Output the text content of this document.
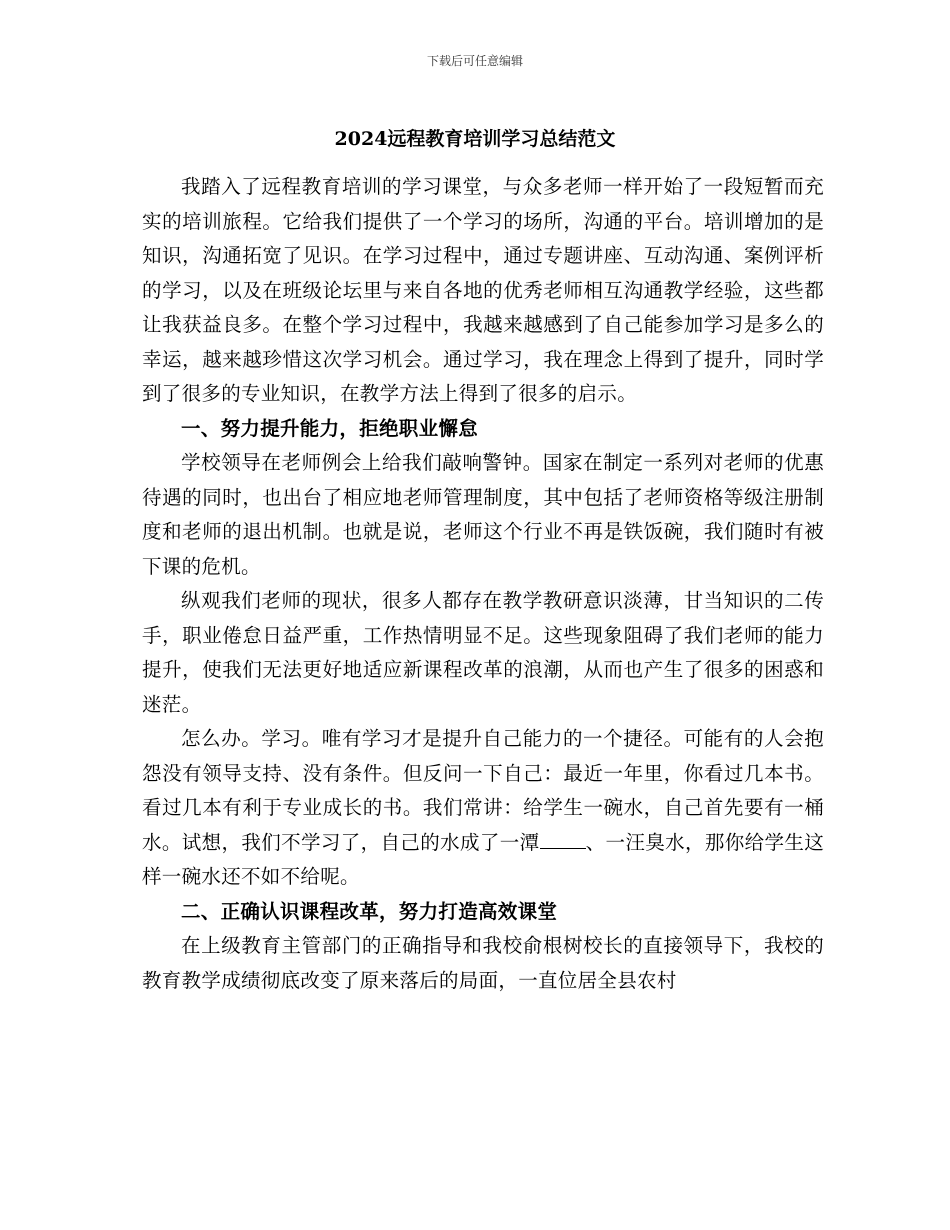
下载后可任意编辑
2024远程教育培训学习总结范文

我踏入了远程教育培训的学习课堂，与众多老师一样开始了一段短暂而充实的培训旅程。它给我们提供了一个学习的场所，沟通的平台。培训增加的是知识，沟通拓宽了见识。在学习过程中，通过专题讲座、互动沟通、案例评析的学习，以及在班级论坛里与来自各地的优秀老师相互沟通教学经验，这些都让我获益良多。在整个学习过程中，我越来越感到了自己能参加学习是多么的幸运，越来越珍惜这次学习机会。通过学习，我在理念上得到了提升，同时学到了很多的专业知识，在教学方法上得到了很多的启示。

一、努力提升能力，拒绝职业懈怠

学校领导在老师例会上给我们敲响警钟。国家在制定一系列对老师的优惠待遇的同时，也出台了相应地老师管理制度，其中包括了老师资格等级注册制度和老师的退出机制。也就是说，老师这个行业不再是铁饭碗，我们随时有被下课的危机。

纵观我们老师的现状，很多人都存在教学教研意识淡薄，甘当知识的二传手，职业倦怠日益严重，工作热情明显不足。这些现象阻碍了我们老师的能力提升，使我们无法更好地适应新课程改革的浪潮，从而也产生了很多的困惑和迷茫。

怎么办。学习。唯有学习才是提升自己能力的一个捷径。可能有的人会抱怨没有领导支持、没有条件。但反问一下自己：最近一年里，你看过几本书。看过几本有利于专业成长的书。我们常讲：给学生一碗水，自己首先要有一桶水。试想，我们不学习了，自己的水成了一潭 、一汪臭水，那你给学生这样一碗水还不如不给呢。

二、正确认识课程改革，努力打造高效课堂

在上级教育主管部门的正确指导和我校俞根树校长的直接领导下，我校的教育教学成绩彻底改变了原来落后的局面，一直位居全县农村
